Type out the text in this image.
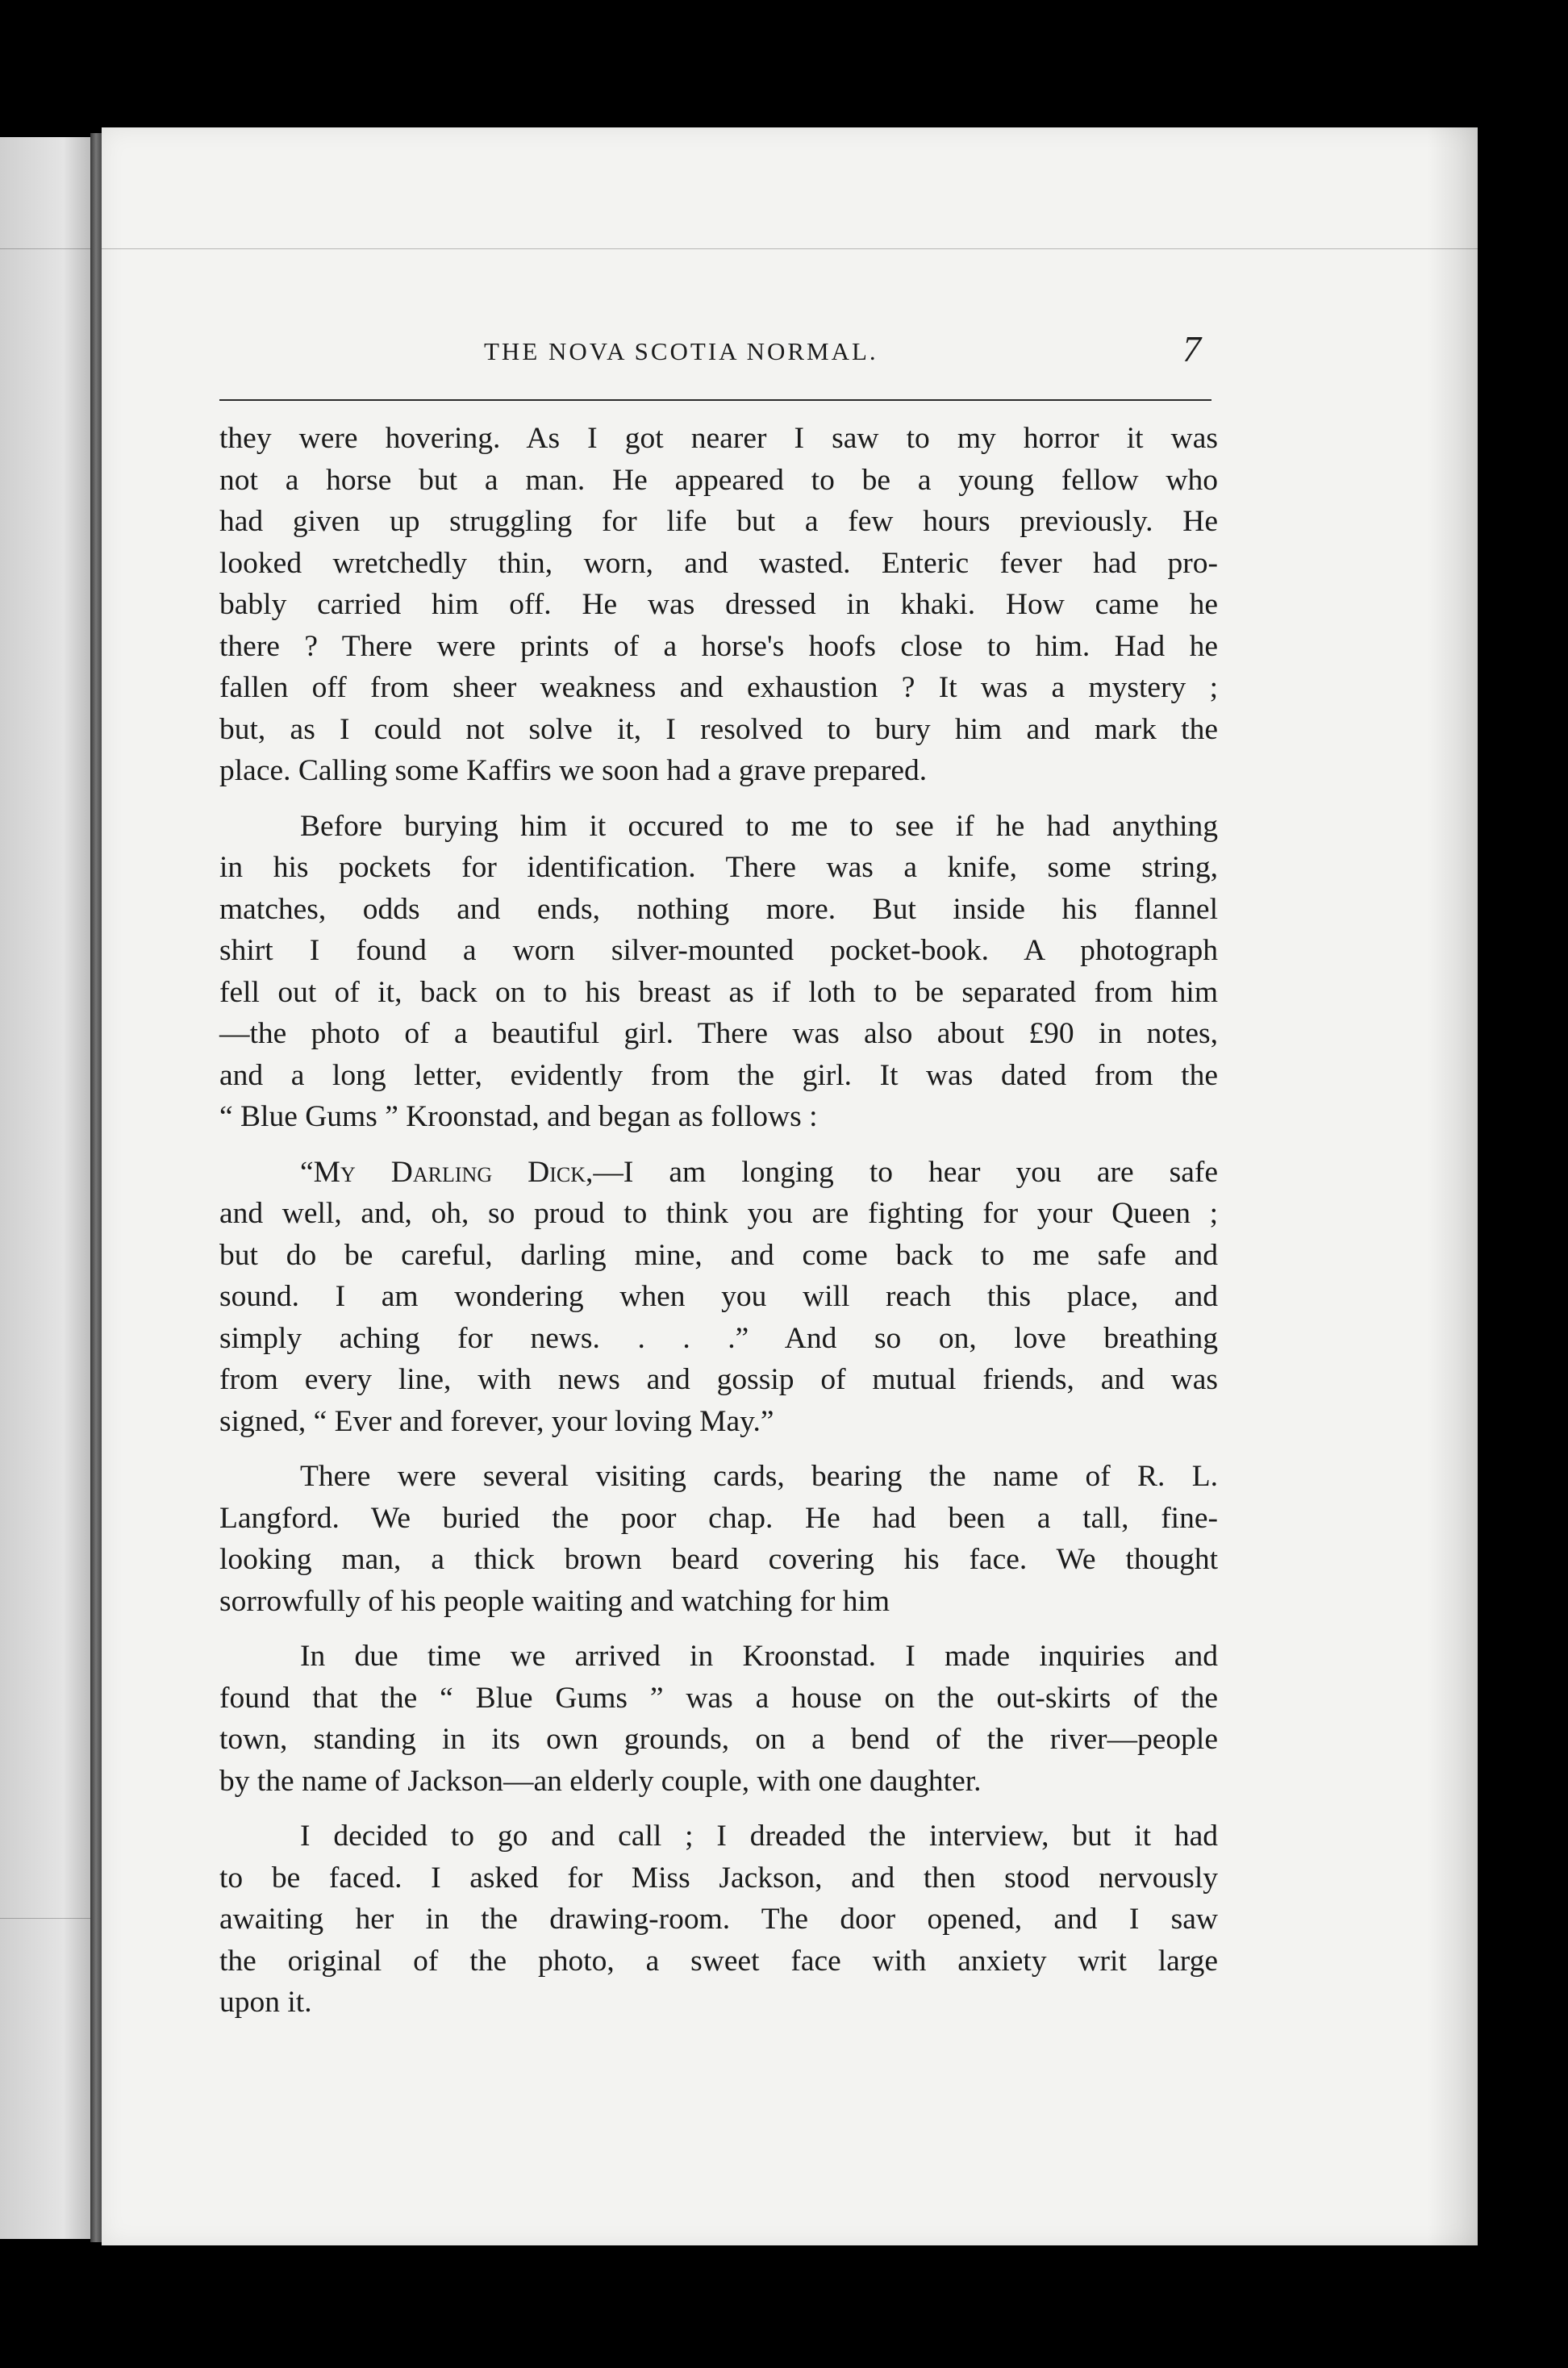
THE NOVA SCOTIA NORMAL.	7
they were hovering. As I got nearer I saw to my horror it was
not a horse but a man. He appeared to be a young fellow who
had given up struggling for life but a few hours previously. He
looked wretchedly thin, worn, and wasted. Enteric fever had pro-
bably carried him off. He was dressed in khaki. How came he
there ? There were prints of a horse's hoofs close to him. Had he
fallen off from sheer weakness and exhaustion ? It was a mystery ;
but, as I could not solve it, I resolved to bury him and mark the
place. Calling some Kaffirs we soon had a grave prepared.
Before burying him it occured to me to see if he had anything
in his pockets for identification. There was a knife, some string,
matches, odds and ends, nothing more. But inside his flannel
shirt I found a worn silver-mounted pocket-book. A photograph
fell out of it, back on to his breast as if loth to be separated from him
—the photo of a beautiful girl. There was also about £90 in notes,
and a long letter, evidently from the girl. It was dated from the
“ Blue Gums ” Kroonstad, and began as follows :
“My Darling Dick,—I am longing to hear you are safe
and well, and, oh, so proud to think you are fighting for your Queen ;
but do be careful, darling mine, and come back to me safe and
sound. I am wondering when you will reach this place, and
simply aching for news. . . .” And so on, love breathing
from every line, with news and gossip of mutual friends, and was
signed, “ Ever and forever, your loving May.”
There were several visiting cards, bearing the name of R. L.
Langford. We buried the poor chap. He had been a tall, fine-
looking man, a thick brown beard covering his face. We thought
sorrowfully of his people waiting and watching for him
In due time we arrived in Kroonstad. I made inquiries and
found that the “ Blue Gums ” was a house on the out-skirts of the
town, standing in its own grounds, on a bend of the river—people
by the name of Jackson—an elderly couple, with one daughter.
I decided to go and call ; I dreaded the interview, but it had
to be faced. I asked for Miss Jackson, and then stood nervously
awaiting her in the drawing-room. The door opened, and I saw
the original of the photo, a sweet face with anxiety writ large
upon it.
